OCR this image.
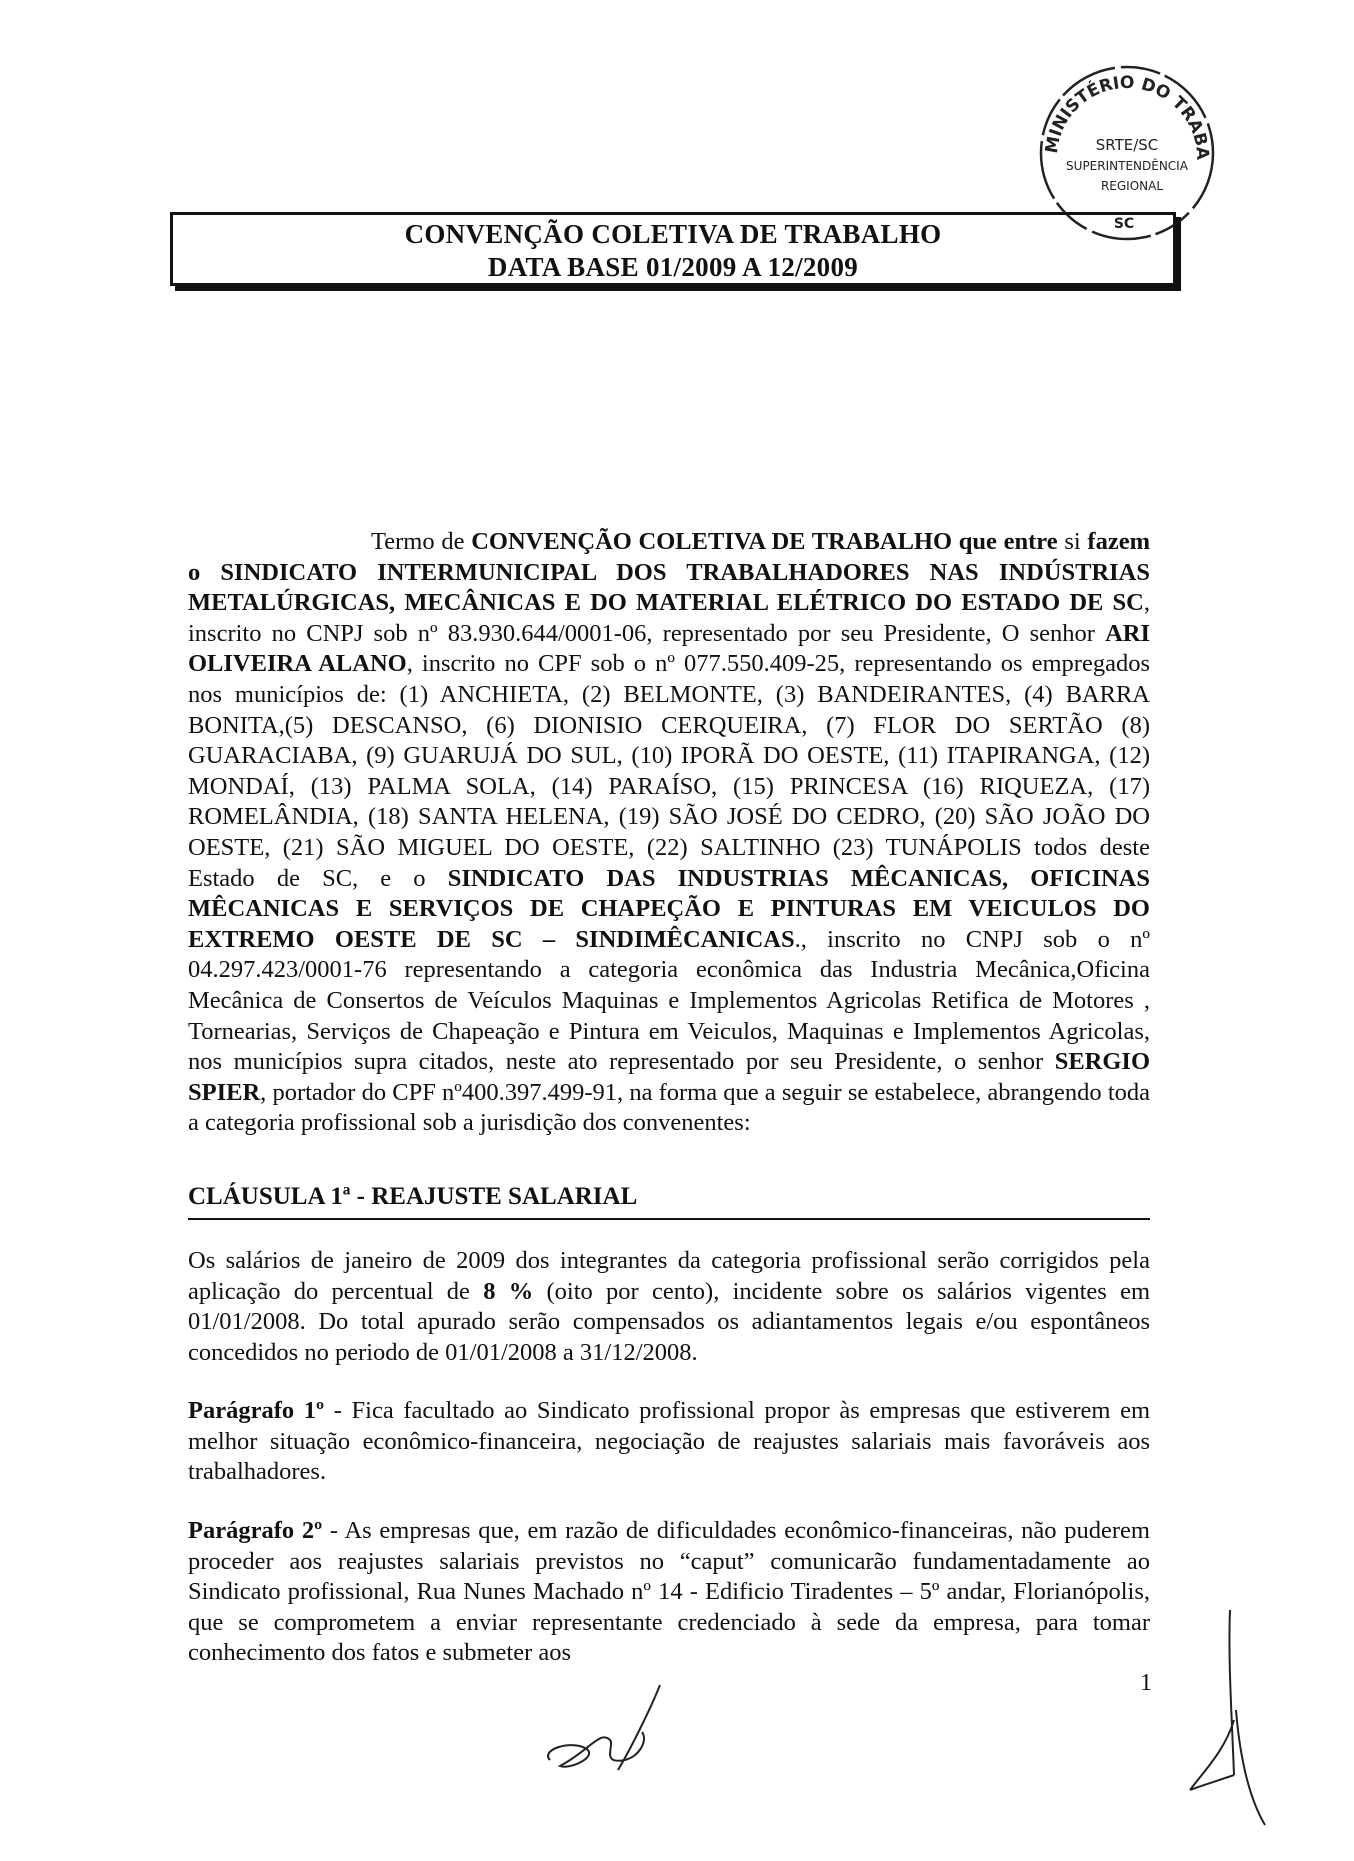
MINISTÉRIO DO TRABA
SRTE/SC
SUPERINTENDÊNCIA
REGIONAL
SC
CONVENÇÃO COLETIVA DE TRABALHO
DATA BASE 01/2009 A 12/2009
Termo de CONVENÇÃO COLETIVA DE TRABALHO que entre si fazem o SINDICATO INTERMUNICIPAL DOS TRABALHADORES NAS INDÚSTRIAS METALÚRGICAS, MECÂNICAS E DO MATERIAL ELÉTRICO DO ESTADO DE SC, inscrito no CNPJ sob nº 83.930.644/0001-06, representado por seu Presidente, O senhor ARI OLIVEIRA ALANO, inscrito no CPF sob o nº 077.550.409-25, representando os empregados nos municípios de: (1) ANCHIETA, (2) BELMONTE, (3) BANDEIRANTES, (4) BARRA BONITA,(5) DESCANSO, (6) DIONISIO CERQUEIRA, (7) FLOR DO SERTÃO (8) GUARACIABA, (9) GUARUJÁ DO SUL, (10) IPORÃ DO OESTE, (11) ITAPIRANGA, (12) MONDAÍ, (13) PALMA SOLA, (14) PARAÍSO, (15) PRINCESA (16) RIQUEZA, (17) ROMELÂNDIA, (18) SANTA HELENA, (19) SÃO JOSÉ DO CEDRO, (20) SÃO JOÃO DO OESTE, (21) SÃO MIGUEL DO OESTE, (22) SALTINHO (23) TUNÁPOLIS todos deste Estado de SC, e o SINDICATO DAS INDUSTRIAS MÊCANICAS, OFICINAS MÊCANICAS E SERVIÇOS DE CHAPEÇÃO E PINTURAS EM VEICULOS DO EXTREMO OESTE DE SC – SINDIMÊCANICAS., inscrito no CNPJ sob o nº 04.297.423/0001-76 representando a categoria econômica das Industria Mecânica,Oficina Mecânica de Consertos de Veículos Maquinas e Implementos Agricolas Retifica de Motores , Tornearias, Serviços de Chapeação e Pintura em Veiculos, Maquinas e Implementos Agricolas, nos municípios supra citados, neste ato representado por seu Presidente, o senhor SERGIO SPIER, portador do CPF nº400.397.499-91, na forma que a seguir se estabelece, abrangendo toda a categoria profissional sob a jurisdição dos convenentes:
CLÁUSULA 1ª - REAJUSTE SALARIAL
Os salários de janeiro de 2009 dos integrantes da categoria profissional serão corrigidos pela aplicação do percentual de 8 % (oito por cento), incidente sobre os salários vigentes em 01/01/2008. Do total apurado serão compensados os adiantamentos legais e/ou espontâneos concedidos no periodo de 01/01/2008 a 31/12/2008.
Parágrafo 1º - Fica facultado ao Sindicato profissional propor às empresas que estiverem em melhor situação econômico-financeira, negociação de reajustes salariais mais favoráveis aos trabalhadores.
Parágrafo 2º - As empresas que, em razão de dificuldades econômico-financeiras, não puderem proceder aos reajustes salariais previstos no “caput” comunicarão fundamentadamente ao Sindicato profissional, Rua Nunes Machado nº 14 - Edificio Tiradentes – 5º andar, Florianópolis, que se comprometem a enviar representante credenciado à sede da empresa, para tomar conhecimento dos fatos e submeter aos
1
